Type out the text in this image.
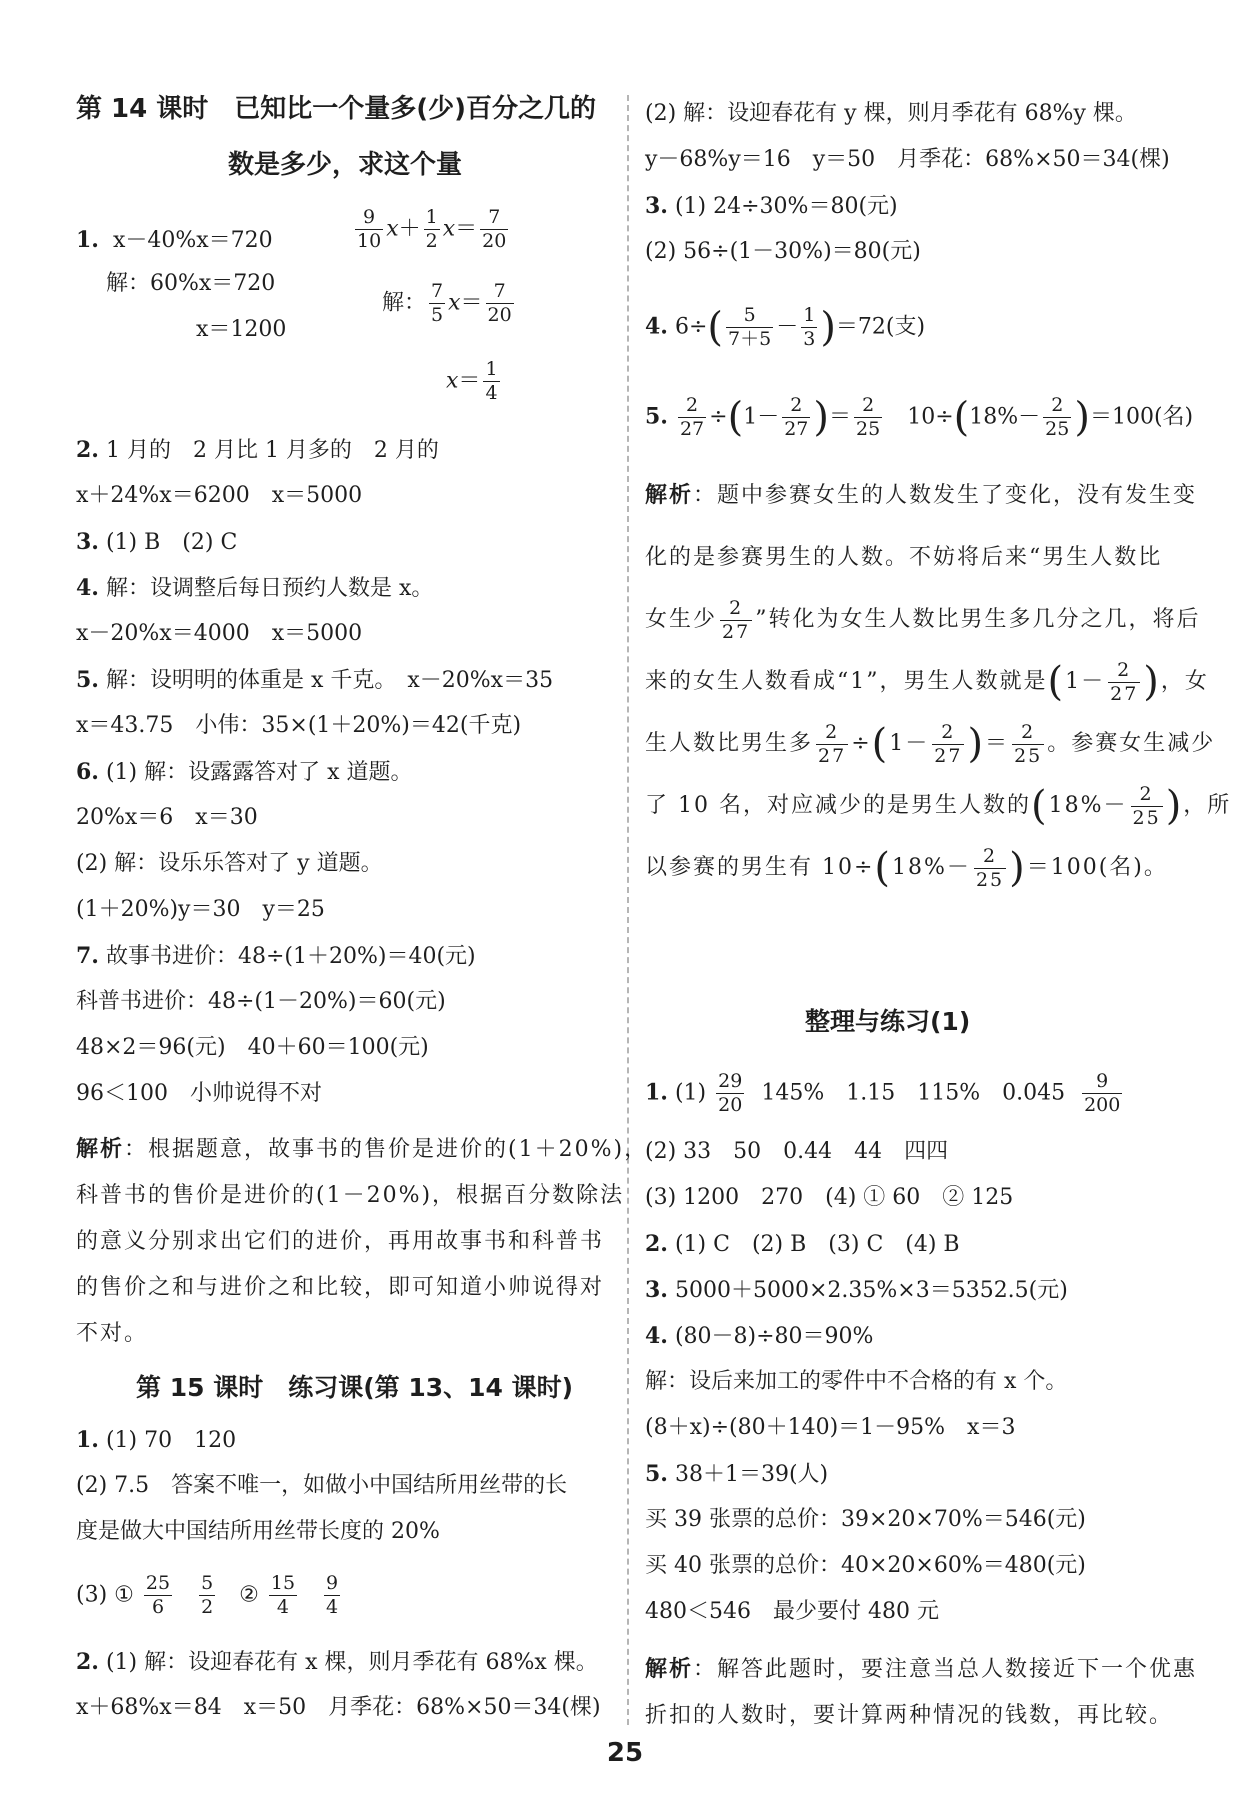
第 14 课时　已知比一个量多(少)百分之几的
数是多少，求这个量
1. x－40%x＝720
解：60%x＝720
x＝1200
$\frac{9}{10} x+ \frac{1}{2} x= \frac{7}{20}$
解： $\frac{7}{5} x= \frac{7}{20}$
$x= \frac{1}{4}$
2. 1 月的　2 月比 1 月多的　2 月的
x＋24%x＝6200　x＝5000
3. (1) B　(2) C
4. 解：设调整后每日预约人数是 x。
x－20%x＝4000　x＝5000
5. 解：设明明的体重是 x 千克。　x－20%x＝35
x＝43.75　小伟：35×(1＋20%)＝42(千克)
6. (1) 解：设露露答对了 x 道题。
20%x＝6　x＝30
(2) 解：设乐乐答对了 y 道题。
(1＋20%)y＝30　y＝25
7. 故事书进价：48÷(1＋20%)＝40(元)
科普书进价：48÷(1－20%)＝60(元)
48×2＝96(元)　40＋60＝100(元)
96＜100　小帅说得不对
解析：根据题意，故事书的售价是进价的(1＋20%)，
科普书的售价是进价的(1－20%)，根据百分数除法
的意义分别求出它们的进价，再用故事书和科普书
的售价之和与进价之和比较，即可知道小帅说得对
不对。
第 15 课时　练习课(第 13、14 课时)
1. (1) 70　120
(2) 7.5　答案不唯一，如做小中国结所用丝带的长
度是做大中国结所用丝带长度的 20%
(3) ① $\frac{25}{6}$
$\frac{5}{2}$ ② $\frac{15}{4}$
$\frac{9}{4}$
2. (1) 解：设迎春花有 x 棵，则月季花有 68%x 棵。
x＋68%x＝84　x＝50　月季花：68%×50＝34(棵)
(2) 解：设迎春花有 y 棵，则月季花有 68%y 棵。
y－68%y＝16　y＝50　月季花：68%×50＝34(棵)
3. (1) 24÷30%＝80(元)
(2) 56÷(1－30%)＝80(元)
4. $6\div( \frac{5}{7+5} - \frac{1}{3} )=72$(支)
5. $\frac{2}{27} \div(1- \frac{2}{27}$ )＝ $\frac{2}{25}$ 　$10\div(18\%- \frac{2}{25} )=100$(名)
解析：题中参赛女生的人数发生了变化，没有发生变
化的是参赛男生的人数。不妨将后来“男生人数比
女生少 $\frac{2}{27}$ ”转化为女生人数比男生多几分之几，将后
来的女生人数看成“1”，男生人数就是($1- \frac{2}{27}$ )，女
生人数比男生多 $\frac{2}{27} \div(1- \frac{2}{27}$ )＝ $\frac{2}{25}$ 。参赛女生减少
了 10 名，对应减少的是男生人数的($18\%- \frac{2}{25}$ )，所
以参赛的男生有 $10\div(18\%- \frac{2}{25} )=100$(名)。
整理与练习(1)
1. $(1) \frac{29}{20} 145\%$　1.15　115%　$0.045 \frac{9}{200}$
(2) 33　50　0.44　44　四四
(3) 1200　270　(4) ① 60　② 125
2. (1) C　(2) B　(3) C　(4) B
3. 5000＋5000×2.35%×3＝5352.5(元)
4. (80－8)÷80＝90%
解：设后来加工的零件中不合格的有 x 个。
(8＋x)÷(80＋140)＝1－95%　x＝3
5. 38＋1＝39(人)
买 39 张票的总价：39×20×70%＝546(元)
买 40 张票的总价：40×20×60%＝480(元)
480＜546　最少要付 480 元
解析：解答此题时，要注意当总人数接近下一个优惠
折扣的人数时，要计算两种情况的钱数，再比较。
25
